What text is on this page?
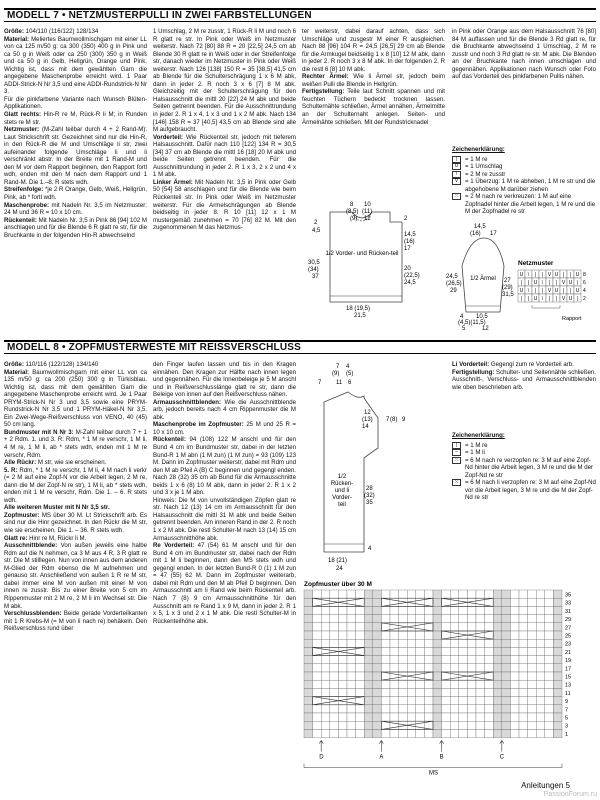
MODELL 7 • NETZMUSTERPULLI IN ZWEI FARBSTELLUNGEN

Größe: 104/110 (116/122) 128/134

Material: Meliertes Baumwollmischgarn mit einer LL von ca 125 m/50 g: ca 300 (350) 400 g in Pink und ca 50 g in Weiß oder ca 250 (300) 350 g in Weiß und ca 50 g in Gelb, Hellgrün, Orange und Pink. Wichtig ist, dass mit dem gewählten Garn die angegebene Maschenprobe erreicht wird. 1 Paar ADDI-Strick-N Nr 3,5 und eine ADDI-Rundstrick-N Nr 3.

Für die pinkfarbene Variante nach Wunsch Blüten-Applikationen.

Glatt rechts: Hin-R re M, Rück-R li M; in Runden stets re M str.

Netzmuster: (M-Zahl teilbar durch 4 + 2 Rand-M): Laut Strickschrift str. Gezeichnet sind nur die Hin-R, in den Rück-R die M und Umschläge li str, zwei aufeinander folgende Umschläge li und li verschränkt abstr. In der Breite mit 1 Rand-M und den M vor dem Rapport beginnen, den Rapport fortl wdh, enden mit den M nach dem Rapport und 1 Rand-M. Die 1.–8. R stets wdh.

Streifenfolge: *je 2 R Orange, Gelb, Weiß, Hellgrün, Pink, ab * fortl wdh.

Maschenprobe: mit Nadeln Nr. 3,5 im Netzmuster: 24 M und 36 R = 10 x 10 cm.

Rückenteil: Mit Nadeln Nr. 3,5 in Pink 86 [94] 102 M anschlagen und für die Blende 6 R glatt re str, für die Bruchkante in der folgenden Hin-R abwechselnd

1 Umschlag, 2 M re zusstr, 1 Rück-R li M und noch 6 R glatt re str. In Pink oder Weiß im Netzmuster weiterstr. Nach 72 [80] 88 R = 20 [22,5] 24,5 cm ab Blende 30 R glatt re in Weiß oder in der Streifenfolge str, danach wieder im Netzmuster in Pink oder Weiß weiterstr. Nach 126 [138] 150 R = 35 [38,5] 41,5 cm ab Blende für die Schulterschrägung 1 x 6 M abk, dann in jeder 2. R noch 3 x 6 [7] 8 M abk. Gleichzeitig mit der Schulterschrägung für den Halsausschnitt die mittl 20 [22] 24 M abk und beide Seiten getrennt beenden. Für die Ausschnittrundung in jeder 2. R 1 x 4, 1 x 3 und 1 x 2 M abk. Nach 134 [146] 158 R = 37 [40,5] 43,5 cm ab Blende sind alle M aufgebraucht.

Vorderteil: Wie Rückenteil str, jedoch mit tieferem Halsausschnitt. Dafür nach 110 [122] 134 R = 30,5 [34] 37 cm ab Blende die mittl 16 [18] 20 M abk und beide Seiten getrennt beenden. Für die Ausschnittrundung in jeder 2. R 1 x 3, 2 x 2 und 4 x 1 M abk.

Linker Ärmel: Mit Nadeln Nr. 3,5 in Pink oder Gelb 50 [54] 58 anschlagen und für die Blende wie beim Rückenteil str. In Pink oder Weiß im Netzmuster weiterstr. Für die Armelschrägungen ab Blende beidseitig in jeder 8. R 10 [11] 12 x 1 M mustergemäß zunehmen = 70 [76] 82 M. Mit den zugenommenen M das Netzmus-

ter weiterstr, dabei darauf achten, dass sich Umschläge und zusgestr M einer R ausgleichen. Nach 88 [96] 104 R = 24,5 [26,5] 29 cm ab Blende für die Armkugel beidseitig 1 x 8 [10] 12 M abk, dann in jeder 2. R noch 3 x 8 M abk. In der folgenden 2. R die restl 6 [8] 10 M abk.

Rechter Ärmel: Wie li Ärmel str, jedoch beim weißen Pulli die Blende in Hellgrün.

Fertigstellung: Teile laut Schnitt spannen und mit feuchten Tüchern bedeckt trocknen lassen. Schulternähte schließen, Ärmel annähen, Ärmelmitte an der Schulternaht anlegen. Seiten- und Ärmelnähte schließen. Mit der Rundstricknadel

in Pink oder Orange aus dem Halsausschnitt 76 [80] 84 M auffassen und für die Blende 3 Rd glatt re, für die Bruchkante abwechselnd 1 Umschlag, 2 M re zusstr und noch 3 Rd glatt re str. M abk. Die Blenden an der Bruchkante nach innen umschlagen und gegennähen. Applikationen nach Wunsch oder Foto auf das Vorderteil des pinkfarbenen Pullis nähen.

Zeichenerklärung:
|	= 1 M re
U	= 1 Umschlag
\	= 2 M re zusstr
V	= 1 Überzug: 1 M re abheben, 1 M re str und die abgehobene M darüber ziehen
⤫	= 2 M nach re verkreuzen: 1 M auf eine Zopfnadel hinter die Arbeit legen, 1 M re und die M der Zopfnadel re str
1/2 Vorder- und Rücken-teil
8
(8,5)
(9)
10
(11)
12
2
4,5
2
14,5
(16)
17
30,5
(34)
37
20
(22,5)
24,5
18 (19,5)
21,5
1/2 Ärmel
14,5
(16) 17
24,5
(26,5)
29
27
(29)
31,5
4 10,5
(4,5)(11,5)
5	12
Netzmuster
U \ | | V U | | U 8
| | U \ | | V U | 6
U \ | | V U | | U 4
| | U \ | | V U | 2
Rapport
MODELL 8 • ZOPFMUSTERWESTE MIT REISSVERSCHLUSS

Größe: 110/116 (122/128) 134/140

Material: Baumwollmischgarn mit einer LL von ca 135 m/50 g: ca 200 (250) 300 g in Türkisblau. Wichtig ist, dass mit dem gewählten Garn die angegebene Maschenprobe erreicht wird. Je 1 Paar PRYM-Strick-N Nr 3 und 3,5 sowie eine PRYM-Rundstrick-N Nr 3,5 und 1 PRYM-Häkel-N Nr 3,5. Ein Zwei-Wege-Reißverschluss von VENO, 40 (45) 50 cm lang.

Bundmuster mit N Nr 3: M-Zahl teilbar durch 7 + 1 + 2 Rdm. 1. und 3. R: Rdm, * 1 M re verschr, 1 M li, 4 M re, 1 M li, ab * stets wdh, enden mit 1 M re verschr, Rdm.

Alle Rückr: M str, wie sie erscheinen.

5. R: Rdm, * 1 M re verschr, 1 M li, 4 M nach li verkr (= 2 M auf eine Zopf-N vor die Arbeit legen, 2 M re, dann die M der Zopf-N re str), 1 M li, ab * stets wdh, enden mit 1 M re verschr, Rdm. Die 1. – 6. R stets wdh.

Alle weiteren Muster mit N Nr 3,5 str.

Zopfmuster: MS über 30 M. Lt Strickschrift arb. Es sind nur die Hinr gezeichnet. In den Rückr die M str, wie sie erscheinen. Die 1. – 36. R stets wdh.

Glatt re: Hinr re M, Rückr li M.

Ausschnittblende: Von außen jeweils eine halbe Rdm auf die N nehmen, ca 3 M aus 4 R, 3 R glatt re str. Die M stilllegen. Nun von innen aus dem anderen M-Glied der Rdm ebenso die M aufnehmen und genauso str. Anschließend von außen 1 R re M str, dabei immer eine M von außen mit einer M von innen re zusstr. Bis zu einer Breite von 5 cm im Rippenmuster mit 2 M re, 2 M li im Wechsel str. Die M abk.

Verschlussblenden: Beide gerade Vorderteilkanten mit 1 R Krebs-M (= M von li nach re) behäkeln. Den Reißverschluss rund über

den Finger laufen lassen und bis in den Kragen einnähen. Den Kragen zur Hälfte nach innen legen und gegennähen. Für die Innenbeleige je 5 M anschl und in Reißverschlusslänge glatt re str, dann die Beleige von innen auf den Reißverschluss nähen.

Armausschnittblenden: Wie die Ausschnittblende arb, jedoch bereits nach 4 cm Rippenmuster die M abk.

Maschenprobe im Zopfmuster: 25 M und 25 R = 10 x 10 cm.

Rückenteil: 94 (108) 122 M anschl und für den Bund 4 cm im Bundmuster str, dabei in der letzten Bund-R 1 M abn (1 M zun) (1 M zun) = 93 (109) 123 M. Dann im Zopfmuster weiterstr, dabei mit Rdm und den M ab Pfeil A (B) C beginnen und gegengl enden. Nach 28 (32) 35 cm ab Bund für die Armausschnitte beids 1 x 6 (8) 10 M abk, dann in jeder 2. R 1 x 2 und 3 x je 1 M abn.

Hinweis: Die M von unvollständigen Zöpfen glatt re str. Nach 12 (13) 14 cm im Armausschnitt für den Halsausschnitt die mittl 31 M abk und beide Seiten getrennt beenden. Am inneren Rand in der 2. R noch 1 x 2 M abk. Die restl Schulter-M nach 13 (14) 15 cm Armausschnitthöhe abk.

Re Vorderteil: 47 (54) 61 M anschl und für den Bund 4 cm im Bundmuster str, dabei nach der Rdm mit 1 M li beginnen, dann den MS stets wdh und gegengl enden. In der letzten Bund-R 0 (1) 1 M zun = 47 (55) 62 M. Dann im Zopfmuster weiterarb, dabei mit Rdm und den M ab Pfeil D beginnen. Den Armausschnitt am li Rand wie beim Rückenteil arb. Nach 7 (8) 9 cm Armausschnitthöhe für den Ausschnitt am re Rand 1 x 9 M, dann in jeder 2. R 1 x 5, 1 x 3 und 2 x 1 M abk. Die restl Schulter-M in Rückenteilhöhe abk.

Li Vorderteil: Gegengl zum re Vorderteil arb.

Fertigstellung: Schulter- und Seitennähte schließen. Ausschnitt-, Verschluss- und Armausschnittblenden wie oben beschrieben arb.

Zeichenerklärung:
|	= 1 M re
–	= 1 M li
⤫	= 6 M nach re verzopfen re: 3 M auf eine Zopf-Nd hinter die Arbeit legen, 3 M re und die M der Zopf-Nd re str
⤬	= 6 M nach li verzopfen re: 3 M auf eine Zopf-Nd vor die Arbeit legen, 3 M re und die M der Zopf-Nd re str
1/2 Rücken-und li Vorder-teil
7 4
(9) (5)
7 11 6
12
(13)
14
7 (8) 9
28
(32)
35
4
18 (21)
24
Zopfmuster über 30 M
35
33
31
29
27
25
23
21
19
17
15
13
11
9
7
5
3
1
A	B	C
D
MS
Anleitungen 5
PassionForum.ru
